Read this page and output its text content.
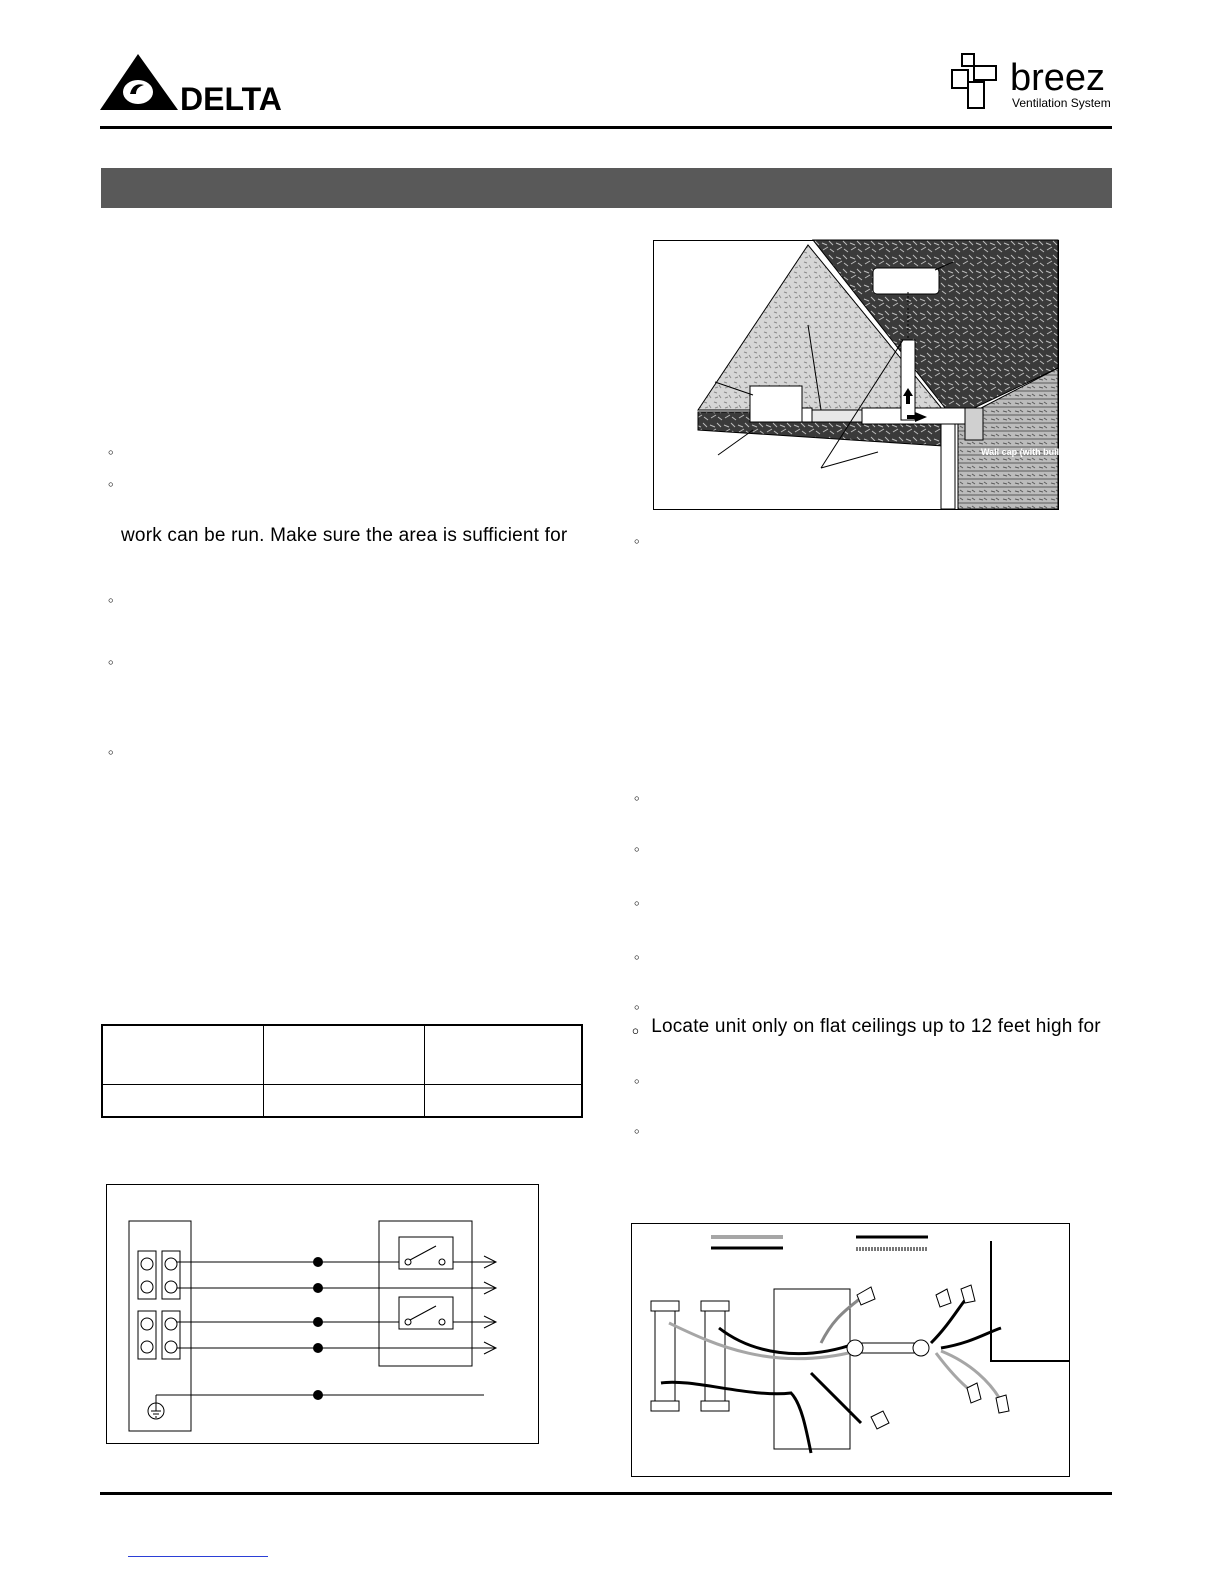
DELTA	breez
Ventilation System
。
。
work can be run. Make sure the area is sufficient for
。
。
。

Wall cap (with built-in damper)
。
。
。
。
。
。
。Locate unit only on flat ceilings up to 12 feet high for
。
。
